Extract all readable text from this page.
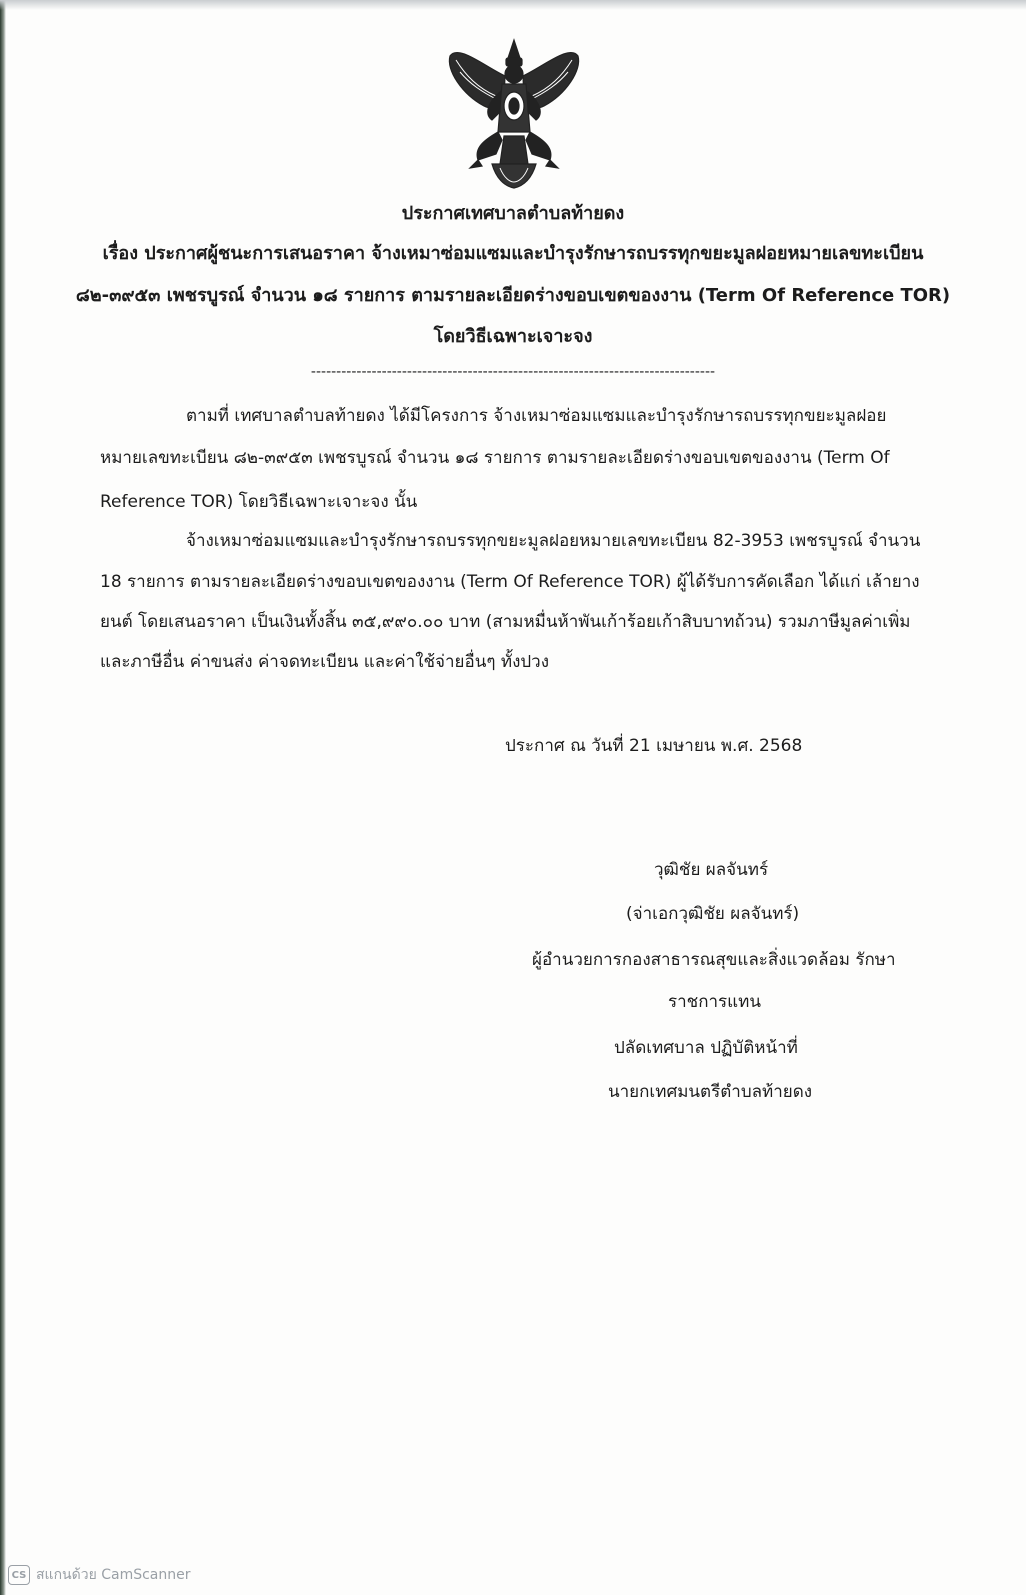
ประกาศเทศบาลตำบลท้ายดง
เรื่อง ประกาศผู้ชนะการเสนอราคา จ้างเหมาซ่อมแซมและบำรุงรักษารถบรรทุกขยะมูลฝอยหมายเลขทะเบียน
๘๒-๓๙๕๓ เพชรบูรณ์ จำนวน ๑๘ รายการ ตามรายละเอียดร่างขอบเขตของงาน (Term Of Reference TOR)
โดยวิธีเฉพาะเจาะจง
--------------------------------------------------------------------------------
ตามที่ เทศบาลตำบลท้ายดง ได้มีโครงการ จ้างเหมาซ่อมแซมและบำรุงรักษารถบรรทุกขยะมูลฝอย
หมายเลขทะเบียน ๘๒-๓๙๕๓ เพชรบูรณ์ จำนวน ๑๘ รายการ ตามรายละเอียดร่างขอบเขตของงาน (Term Of
Reference TOR) โดยวิธีเฉพาะเจาะจง นั้น
จ้างเหมาซ่อมแซมและบำรุงรักษารถบรรทุกขยะมูลฝอยหมายเลขทะเบียน 82-3953 เพชรบูรณ์ จำนวน
18 รายการ ตามรายละเอียดร่างขอบเขตของงาน (Term Of Reference TOR) ผู้ได้รับการคัดเลือก ได้แก่ เล้ายาง
ยนต์ โดยเสนอราคา เป็นเงินทั้งสิ้น ๓๕,๙๙๐.๐๐ บาท (สามหมื่นห้าพันเก้าร้อยเก้าสิบบาทถ้วน) รวมภาษีมูลค่าเพิ่ม
และภาษีอื่น ค่าขนส่ง ค่าจดทะเบียน และค่าใช้จ่ายอื่นๆ ทั้งปวง
ประกาศ ณ วันที่ 21 เมษายน พ.ศ. 2568
วุฒิชัย ผลจันทร์
(จ่าเอกวุฒิชัย ผลจันทร์)
ผู้อำนวยการกองสาธารณสุขและสิ่งแวดล้อม รักษา
ราชการแทน
ปลัดเทศบาล ปฏิบัติหน้าที่
นายกเทศมนตรีตำบลท้ายดง
CS สแกนด้วย CamScanner
